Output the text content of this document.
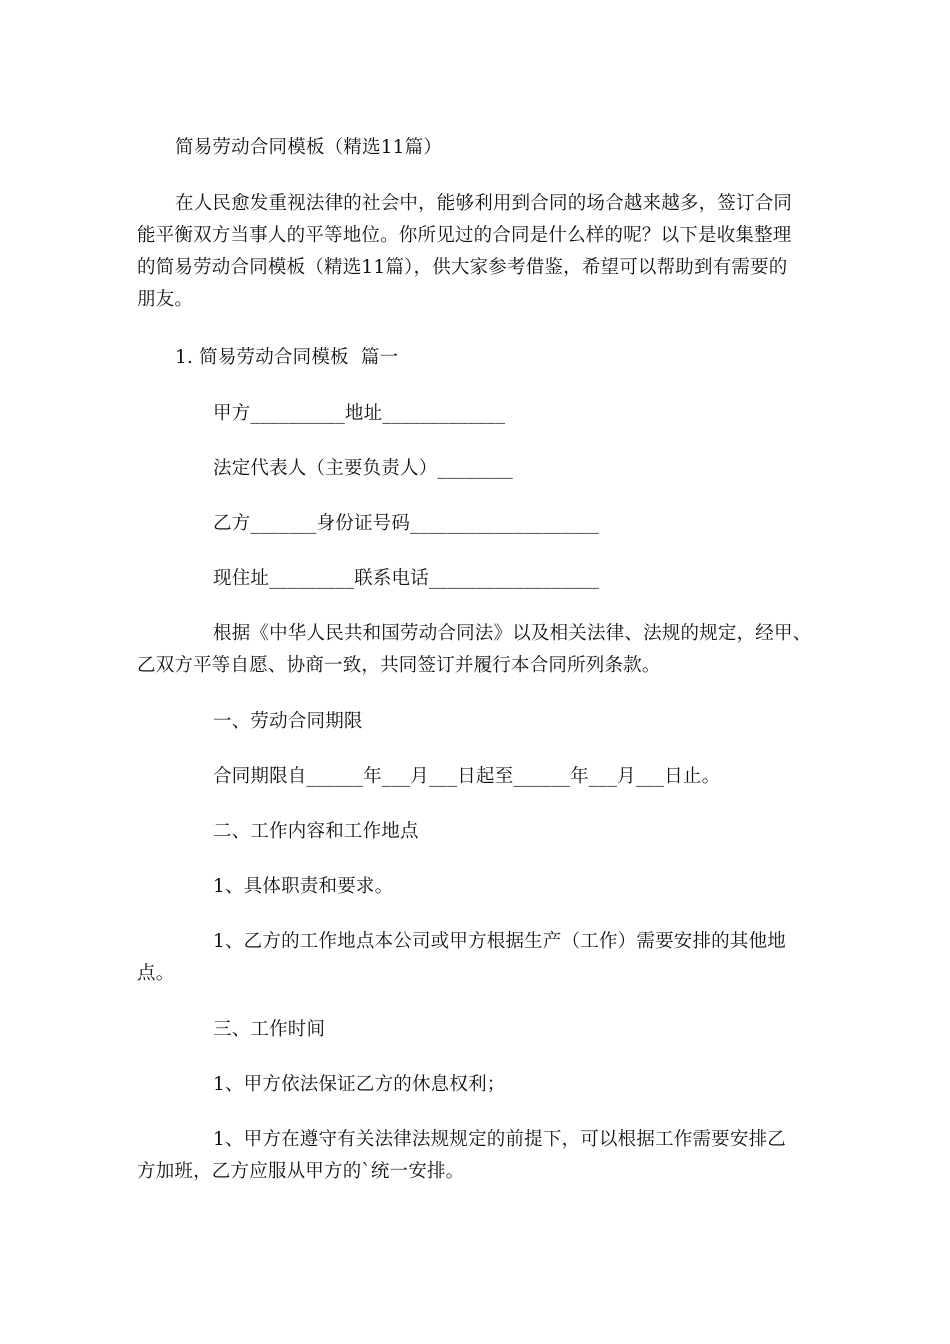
简易劳动合同模板（精选11篇）
在人民愈发重视法律的社会中，能够利用到合同的场合越来越多，签订合同
能平衡双方当事人的平等地位。你所见过的合同是什么样的呢？以下是收集整理
的简易劳动合同模板（精选11篇），供大家参考借鉴，希望可以帮助到有需要的
朋友。
1. 简易劳动合同模板  篇一
甲方__________地址_____________
法定代表人（主要负责人）________
乙方_______身份证号码____________________
现住址_________联系电话__________________
根据《中华人民共和国劳动合同法》以及相关法律、法规的规定，经甲、
乙双方平等自愿、协商一致，共同签订并履行本合同所列条款。
一、劳动合同期限
合同期限自______年___月___日起至______年___月___日止。
二、工作内容和工作地点
1、具体职责和要求。
1、乙方的工作地点本公司或甲方根据生产（工作）需要安排的其他地
点。
三、工作时间
1、甲方依法保证乙方的休息权利；
1、甲方在遵守有关法律法规规定的前提下，可以根据工作需要安排乙
方加班，乙方应服从甲方的`统一安排。
